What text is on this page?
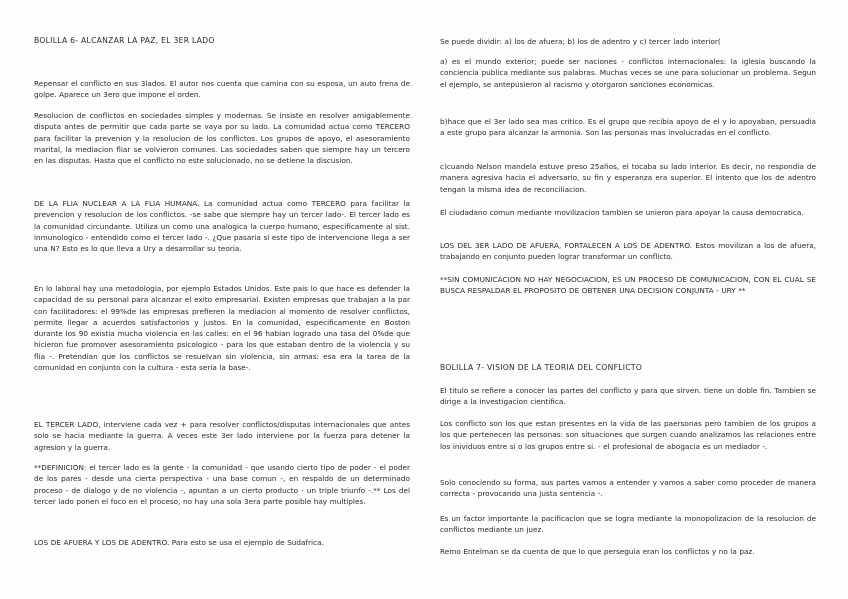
BOLILLA 6- ALCANZAR LA PAZ, EL 3ER LADO
Repensar el conflicto en sus 3lados. El autor nos cuenta que camina con su esposa, un auto frena de golpe. Aparece un 3ero que impone el orden.
Resolucion de conflictos en sociedades simples y modernas. Se insiste en resolver amigablemente disputa antes de permitir que cada parte se vaya por su lado. La comunidad actua como TERCERO para facilitar la prevenion y la resolucion de los conflictos. Los grupos de apoyo, el asesoramiento marital, la mediacion fliar se volvieron comunes. Las sociedades saben que siempre hay un tercero en las disputas. Hasta que el conflicto no este solucionado, no se detiene la discusion.
DE LA FLIA NUCLEAR A LA FLIA HUMANA. La comunidad actua como TERCERO para facilitar la prevencion y resolucion de los conflictos. -se sabe que siempre hay un tercer lado-. El tercer lado es la comunidad circundante. Utiliza un como una analogica la cuerpo humano, especificamente al sist. inmunologico - entendido como el tercer lado -. ¿Que pasaria si este tipo de intervencione llega a ser una N? Esto es lo que lleva a Ury a desarrollar su teoria.
En lo laboral hay una metodologia, por ejemplo Estados Unidos. Este pais lo que hace es defender la capacidad de su personal para alcanzar el exito empresarial. Existen empresas que trabajan a la par con facilitadores: el 99%de las empresas prefieren la mediacion al momento de resolver conflictos, permite llegar a acuerdos satisfactorios y justos. En la comunidad, especificamente en Boston durante los 90 existia mucha violencia en las calles: en el 96 habian logrado una tasa del 0%de que hicieron fue promover asesoramiento psicologico - para los que estaban dentro de la violencia y su flia -. Pretendian que los conflictos se resuelvan sin violencia, sin armas: esa era la tarea de la comunidad en conjunto con la cultura - esta seria la base-.
EL TERCER LADO, interviene cada vez + para resolver conflictos/disputas internacionales que antes solo se hacia mediante la guerra. A veces este 3er lado interviene por la fuerza para detener la agresion y la guerra.
**DEFINICION: el tercer lado es la gente - la comunidad - que usando cierto tipo de poder - el poder de los pares - desde una cierta perspectiva - una base comun -, en respaldo de un determinado proceso - de dialogo y de no violencia -, apuntan a un cierto producto - un triple triunfo -.** Los del tercer lado ponen el foco en el proceso, no hay una sola 3era parte posible hay multiples.
LOS DE AFUERA Y LOS DE ADENTRO. Para esto se usa el ejemplo de Sudafrica.
Se puede dividir: a) los de afuera; b) los de adentro y c) tercer lado interior(
a) es el mundo exterior; puede ser naciones - conflictos internacionales: la iglesia buscando la conciencia publica mediante sus palabras. Muchas veces se une para solucionar un problema. Segun el ejemplo, se antepusieron al racismo y otorgaron sanciones economicas.
b)hace que el 3er lado sea mas critico. Es el grupo que recibia apoyo de el y lo apoyaban, persuadia a este grupo para alcanzar la armonia. Son las personas mas involucradas en el conflicto.
c)cuando Nelson mandela estuve preso 25años, el tocaba su lado interior. Es decir, no respondia de manera agresiva hacia el adversario, su fin y esperanza era superior. El intento que los de adentro tengan la misma idea de reconciliacion.
El ciudadano comun mediante movilizacion tambien se unieron para apoyar la causa democratica.
LOS DEL 3ER LADO DE AFUERA, FORTALECEN A LOS DE ADENTRO. Estos movilizan a los de afuera, trabajando en conjunto pueden lograr transformar un conflicto.
**SIN COMUNICACION NO HAY NEGOCIACION, ES UN PROCESO DE COMUNICACION, CON EL CUAL SE BUSCA RESPALDAR EL PROPOSITO DE OBTENER UNA DECISION CONJUNTA - URY **
BOLILLA 7- VISION DE LA TEORIA DEL CONFLICTO
El titulo se refiere a conocer las partes del conflicto y para que sirven. tiene un doble fin. Tambien se dirige a la investigacion cientifica.
Los conflicto son los que estan presentes en la vida de las paersonas pero tambien de los grupos a los que pertenecen las personas: son situaciones que surgen cuando analizamos las relaciones entre los inividuos entre si o los grupos entre si. - el profesional de abogacia es un mediador -.
Solo conociendo su forma, sus partes vamos a entender y vamos a saber como proceder de manera correcta - provocando una justa sentencia -.
Es un factor importante la pacificacion que se logra mediante la monopolizacion de la resolucion de conflictos mediante un juez.
Remo Entelman se da cuenta de que lo que perseguia eran los conflictos y no la paz.
